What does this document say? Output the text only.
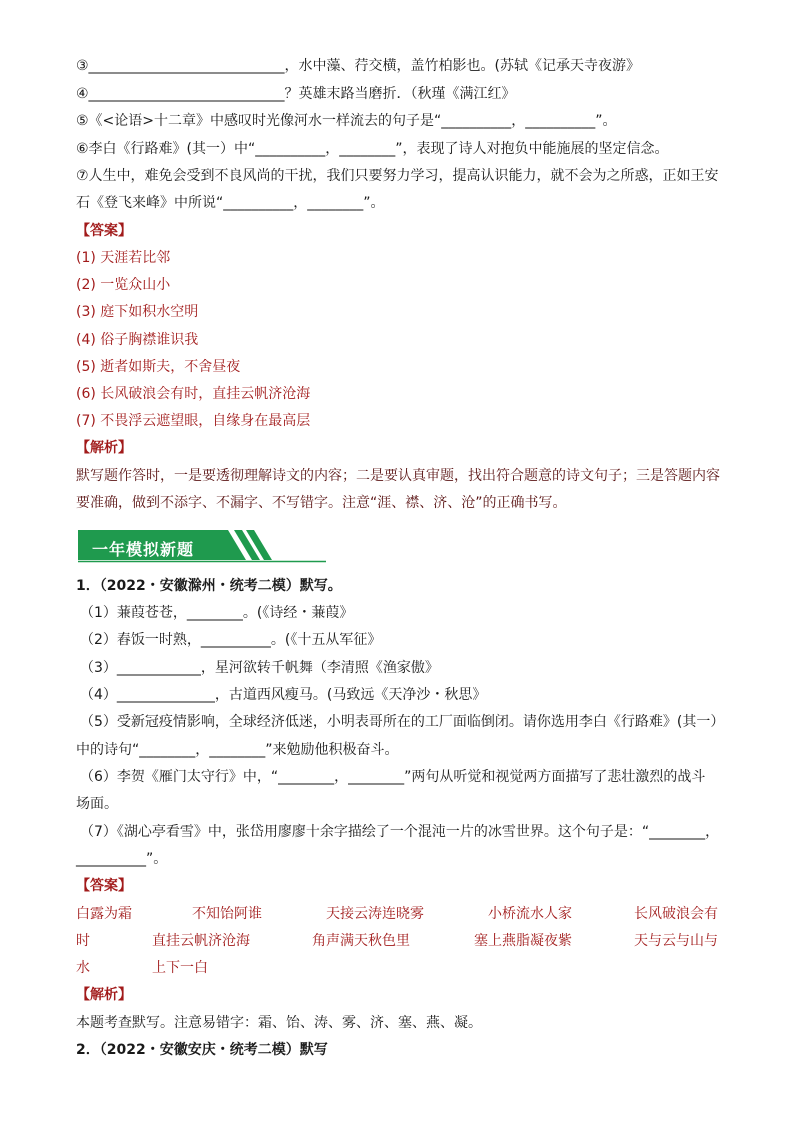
③____________________________，水中藻、荇交横，盖竹柏影也。(苏轼《记承天寺夜游》
④____________________________？英雄末路当磨折．（秋瑾《满江红》
⑤《<论语>十二章》中感叹时光像河水一样流去的句子是“__________，__________”。
⑥李白《行路难》(其一）中“__________，________”，表现了诗人对抱负中能施展的坚定信念。
⑦人生中，难免会受到不良风尚的干扰，我们只要努力学习，提高认识能力，就不会为之所惑，正如王安
石《登飞来峰》中所说“__________，________”。
【答案】
(1) 天涯若比邻
(2) 一览众山小
(3) 庭下如积水空明
(4) 俗子胸襟谁识我
(5) 逝者如斯夫，不舍昼夜
(6) 长风破浪会有时，直挂云帆济沧海
(7) 不畏浮云遮望眼，自缘身在最高层
【解析】
默写题作答时，一是要透彻理解诗文的内容；二是要认真审题，找出符合题意的诗文句子；三是答题内容
要准确，做到不添字、不漏字、不写错字。注意“涯、襟、济、沧”的正确书写。
一年模拟新题
1．（2022・安徽滁州・统考二模）默写。
（1）蒹葭苍苍，________。(《诗经・蒹葭》
（2）舂饭一时熟，__________。(《十五从军征》
（3）____________，星河欲转千帆舞（李清照《渔家傲》
（4）______________，古道西风瘦马。(马致远《天净沙・秋思》
（5）受新冠疫情影响，全球经济低迷，小明表哥所在的工厂面临倒闭。请你选用李白《行路难》(其一）
中的诗句“________，________”来勉励他积极奋斗。
（6）李贺《雁门太守行》中，“________，________”两句从听觉和视觉两方面描写了悲壮激烈的战斗
场面。
（7）《湖心亭看雪》中，张岱用廖廖十余字描绘了一个混沌一片的冰雪世界。这个句子是：“________，
__________”。
【答案】
白露为霜	不知饴阿谁	天接云涛连晓雾	小桥流水人家	长风破浪会有
时	直挂云帆济沧海	角声满天秋色里	塞上燕脂凝夜紫	天与云与山与
水	上下一白
【解析】
本题考查默写。注意易错字：霜、饴、涛、雾、济、塞、燕、凝。
2．（2022・安徽安庆・统考二模）默写
